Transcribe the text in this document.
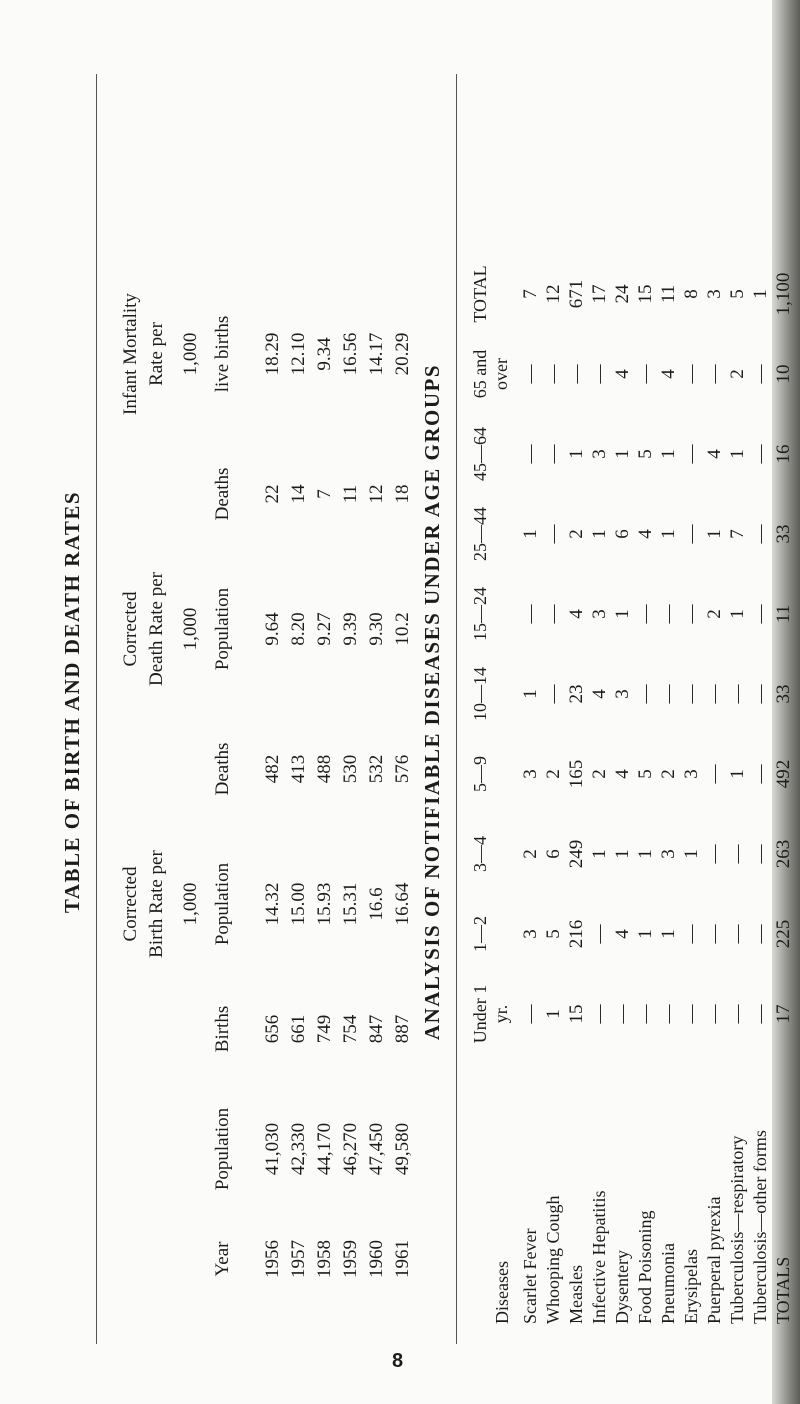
TABLE OF BIRTH AND DEATH RATES
Year
Population
Births
Corrected
Birth Rate per
1,000 Population
Deaths
Corrected
Death Rate per
1,000 Population
Deaths
Infant Mortality
Rate per 1,000 live births
1956
41,030
656
14.32
482
9.64
22
18.29
1957
42,330
661
15.00
413
8.20
14
12.10
1958
44,170
749
15.93
488
9.27
7
9.34
1959
46,270
754
15.31
530
9.39
11
16.56
1960
47,450
847
16.6
532
9.30
12
14.17
1961
49,580
887
16.64
576
10.2
18
20.29
ANALYSIS OF NOTIFIABLE DISEASES UNDER AGE GROUPS
Diseases
Under 1 yr.
1—2
3—4
5—9
10—14
15—24
25—44
45—64
65 and
over
TOTAL
Scarlet Fever
—
3
2
3
1
—
1
—
—
7
Whooping Cough
1
5
6
2
—
—
—
—
—
12
Measles
15
216
249
165
23
4
2
1
—
671
Infective Hepatitis
—
—
1
2
4
3
1
3
—
17
Dysentery
—
4
1
4
3
1
6
1
4
24
Food Poisoning
—
1
1
5
—
—
4
5
—
15
Pneumonia
—
1
3
2
—
—
1
1
4
11
Erysipelas
—
—
1
3
—
—
—
—
—
8
Puerperal pyrexia
—
—
—
—
—
2
1
4
—
3
Tuberculosis—respiratory
—
—
—
1
—
1
7
1
2
5
Tuberculosis—other forms
—
—
—
—
—
—
—
—
—
1
TOTALS
17
225
263
492
33
11
33
16
10
1,100
8
